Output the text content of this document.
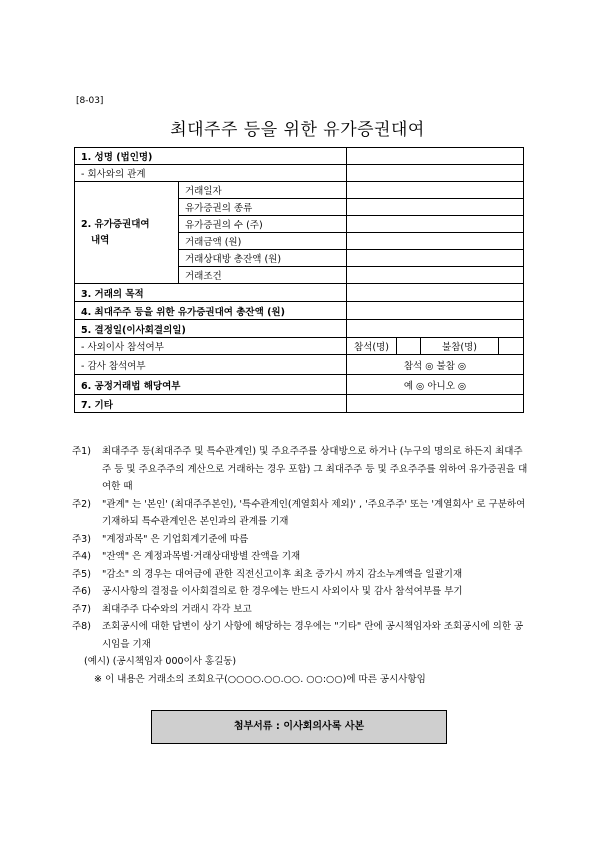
[8-03]
최대주주 등을 위한 유가증권대여
1. 성명 (법인명)					
- 회사와의 관계					
2. 유가증권대여
내역	거래일자				
	유가증권의 종류				
	유가증권의 수 (주)				
	거래금액 (원)				
	거래상대방 총잔액 (원)				
	거래조건				
3. 거래의 목적					
4. 최대주주 등을 위한 유가증권대여 총잔액 (원)					
5. 결정일(이사회결의일)					
- 사외이사 참석여부		참석(명)		불참(명)	
- 감사 참석여부		참석 ◎ 불참 ◎			
6. 공정거래법 해당여부		예 ◎ 아니오 ◎			
7. 기타					
주1)	최대주주 등(최대주주 및 특수관계인) 및 주요주주를 상대방으로 하거나 (누구의 명의로 하든지 최대주주 등 및 주요주주의 계산으로 거래하는 경우 포함) 그 최대주주 등 및 주요주주를 위하여 유가증권을 대여한 때
주2)	"관계" 는 '본인' (최대주주본인), '특수관계인(계열회사 제외)' , '주요주주' 또는 '계열회사' 로 구분하여 기재하되 특수관계인은 본인과의 관계를 기재
주3)	"계정과목" 은 기업회계기준에 따름
주4)	"잔액" 은 계정과목별·거래상대방별 잔액을 기재
주5)	"감소" 의 경우는 대여금에 관한 직전신고이후 최초 증가시 까지 감소누계액을 일괄기재
주6)	공시사항의 결정을 이사회결의로 한 경우에는 반드시 사외이사 및 감사 참석여부를 부기
주7)	최대주주 다수와의 거래시 각각 보고
주8)	조회공시에 대한 답변이 상기 사항에 해당하는 경우에는 "기타" 란에 공시책임자와 조회공시에 의한 공시임을 기재
(예시) (공시책임자 000이사 홍길동)
※ 이 내용은 거래소의 조회요구(○○○○.○○.○○. ○○:○○)에 따른 공시사항임
첨부서류 : 이사회의사록 사본
